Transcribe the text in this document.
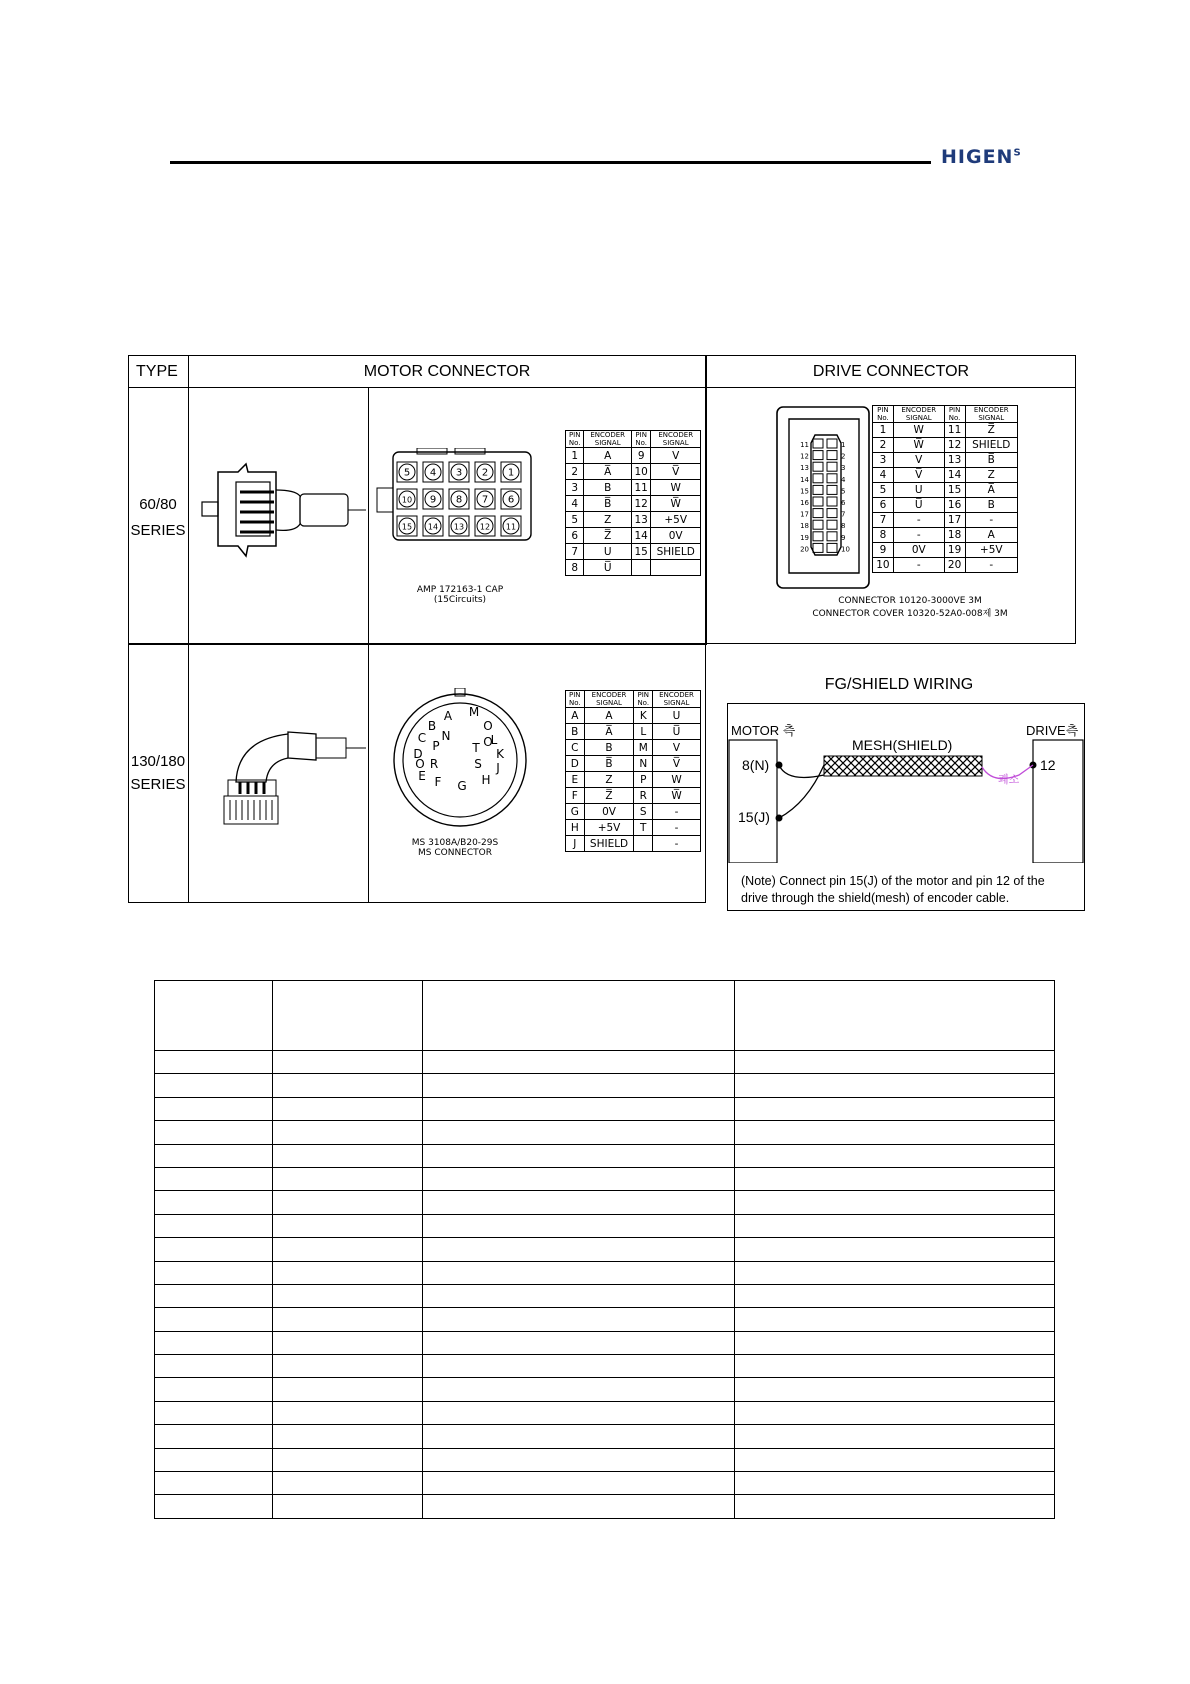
$HIGEN^S$
TYPE	MOTOR CONNECTOR	DRIVE CONNECTOR
60/80
SERIES
130/180
SERIES
5 4 3 2 1
10 9 8 7 6
15 14 13 12 11
AMP 172163-1 CAP
(15Circuits)
PIN No.	ENCODER SIGNAL	PIN No.	ENCODER SIGNAL
1	A	9	V
2	A̅	10	V̅
3	B	11	W
4	B̅	12	W̅
5	Z	13	+5V
6	Z̅	14	0V
7	U	15	SHIELD
8	U̅		
11	1
12	2
13	3
14	4
15	5
16	6
17	7
18	8
19	9
20	10
PIN No.	ENCODER SIGNAL	PIN No.	ENCODER SIGNAL
1	W	11	Z̅
2	W̅	12	SHIELD
3	V	13	B̅
4	V̅	14	Z
5	U	15	A̅
6	U̅	16	B
7	-	17	-
8	-	18	A
9	0V	19	+5V
10	-	20	-
CONNECTOR 10120-3000VE 3M
CONNECTOR COVER 10320-52A0-008제 3M
A M
B	O
L
C N	O
P	T
D	K
R
O	S J
E F G H
MS 3108A/B20-29S
MS CONNECTOR
PIN No.	ENCODER SIGNAL	PIN No.	ENCODER SIGNAL
A	A	K	U
B	A̅	L	U̅
C	B	M	V
D	B̅	N	V̅
E	Z	P	W
F	Z̅	R	W̅
G	0V	S	-
H	+5V	T	-
J	SHIELD		-
FG/SHIELD WIRING
MOTOR 측	DRIVE측
MESH(SHIELD)
8(N)
15(J)
12
쾌소
(Note) Connect pin 15(J) of the motor and pin 12 of the
drive through the shield(mesh) of encoder cable.
